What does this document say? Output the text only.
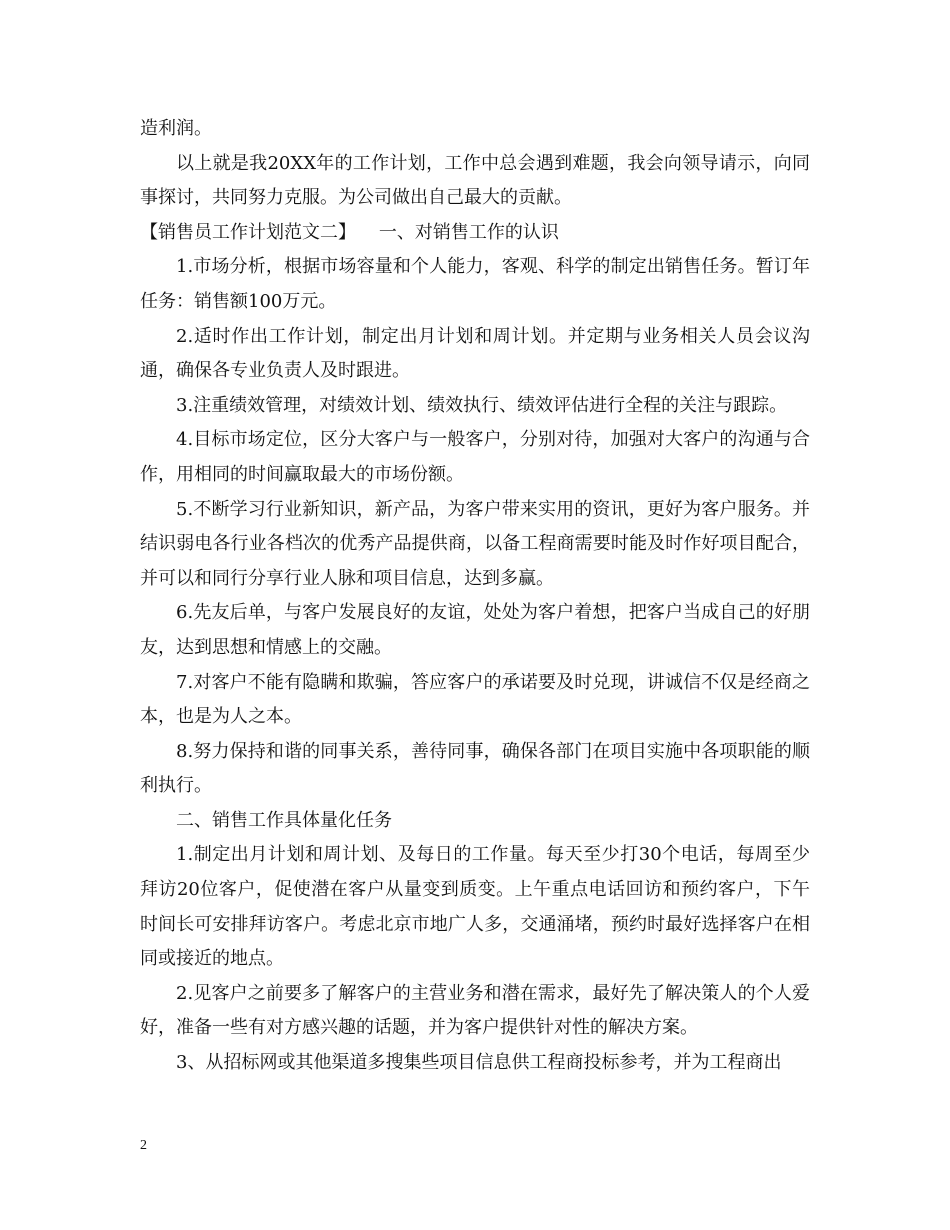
造利润。

以上就是我20XX年的工作计划，工作中总会遇到难题，我会向领导请示，向同事探讨，共同努力克服。为公司做出自己最大的贡献。

【销售员工作计划范文二】    一、对销售工作的认识

1.市场分析，根据市场容量和个人能力，客观、科学的制定出销售任务。暂订年任务：销售额100万元。

2.适时作出工作计划，制定出月计划和周计划。并定期与业务相关人员会议沟通，确保各专业负责人及时跟进。

3.注重绩效管理，对绩效计划、绩效执行、绩效评估进行全程的关注与跟踪。

4.目标市场定位，区分大客户与一般客户，分别对待，加强对大客户的沟通与合作，用相同的时间赢取最大的市场份额。

5.不断学习行业新知识，新产品，为客户带来实用的资讯，更好为客户服务。并结识弱电各行业各档次的优秀产品提供商，以备工程商需要时能及时作好项目配合，并可以和同行分享行业人脉和项目信息，达到多赢。

6.先友后单，与客户发展良好的友谊，处处为客户着想，把客户当成自己的好朋友，达到思想和情感上的交融。

7.对客户不能有隐瞒和欺骗，答应客户的承诺要及时兑现，讲诚信不仅是经商之本，也是为人之本。

8.努力保持和谐的同事关系，善待同事，确保各部门在项目实施中各项职能的顺利执行。

二、销售工作具体量化任务

1.制定出月计划和周计划、及每日的工作量。每天至少打30个电话，每周至少拜访20位客户，促使潜在客户从量变到质变。上午重点电话回访和预约客户，下午时间长可安排拜访客户。考虑北京市地广人多，交通涌堵，预约时最好选择客户在相同或接近的地点。

2.见客户之前要多了解客户的主营业务和潜在需求，最好先了解决策人的个人爱好，准备一些有对方感兴趣的话题，并为客户提供针对性的解决方案。

3、从招标网或其他渠道多搜集些项目信息供工程商投标参考，并为工程商出

2
